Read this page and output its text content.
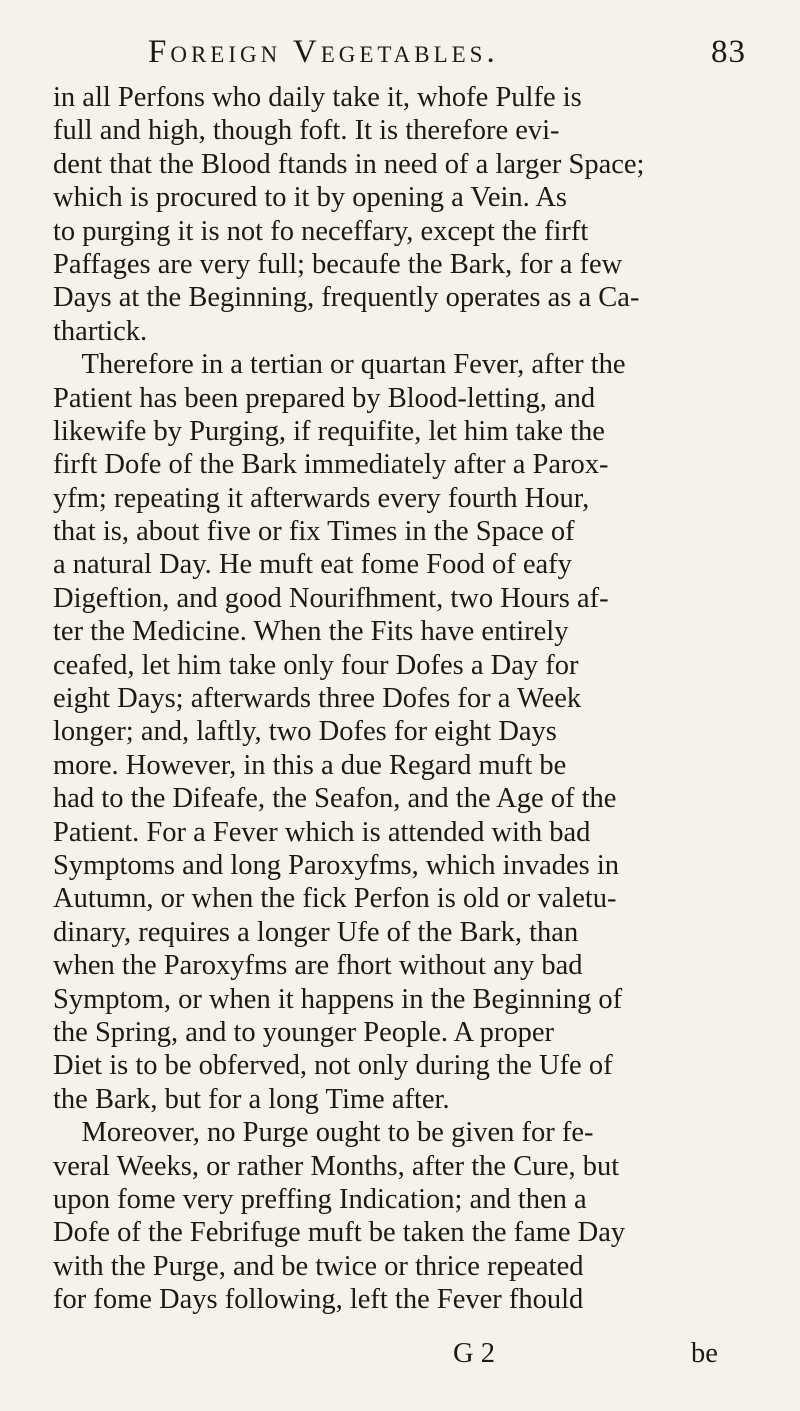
Foreign Vegetables.	83
in all Perfons who daily take it, whofe Pulfe is
full and high, though foft. It is therefore evi-
dent that the Blood ftands in need of a larger Space;
which is procured to it by opening a Vein. As
to purging it is not fo neceffary, except the firft
Paffages are very full; becaufe the Bark, for a few
Days at the Beginning, frequently operates as a Ca-
thartick.
 Therefore in a tertian or quartan Fever, after the
Patient has been prepared by Blood-letting, and
likewife by Purging, if requifite, let him take the
firft Dofe of the Bark immediately after a Parox-
yfm; repeating it afterwards every fourth Hour,
that is, about five or fix Times in the Space of
a natural Day. He muft eat fome Food of eafy
Digeftion, and good Nourifhment, two Hours af-
ter the Medicine. When the Fits have entirely
ceafed, let him take only four Dofes a Day for
eight Days; afterwards three Dofes for a Week
longer; and, laftly, two Dofes for eight Days
more. However, in this a due Regard muft be
had to the Difeafe, the Seafon, and the Age of the
Patient. For a Fever which is attended with bad
Symptoms and long Paroxyfms, which invades in
Autumn, or when the fick Perfon is old or valetu-
dinary, requires a longer Ufe of the Bark, than
when the Paroxyfms are fhort without any bad
Symptom, or when it happens in the Beginning of
the Spring, and to younger People. A proper
Diet is to be obferved, not only during the Ufe of
the Bark, but for a long Time after.
 Moreover, no Purge ought to be given for fe-
veral Weeks, or rather Months, after the Cure, but
upon fome very preffing Indication; and then a
Dofe of the Febrifuge muft be taken the fame Day
with the Purge, and be twice or thrice repeated
for fome Days following, left the Fever fhould
G 2	be
